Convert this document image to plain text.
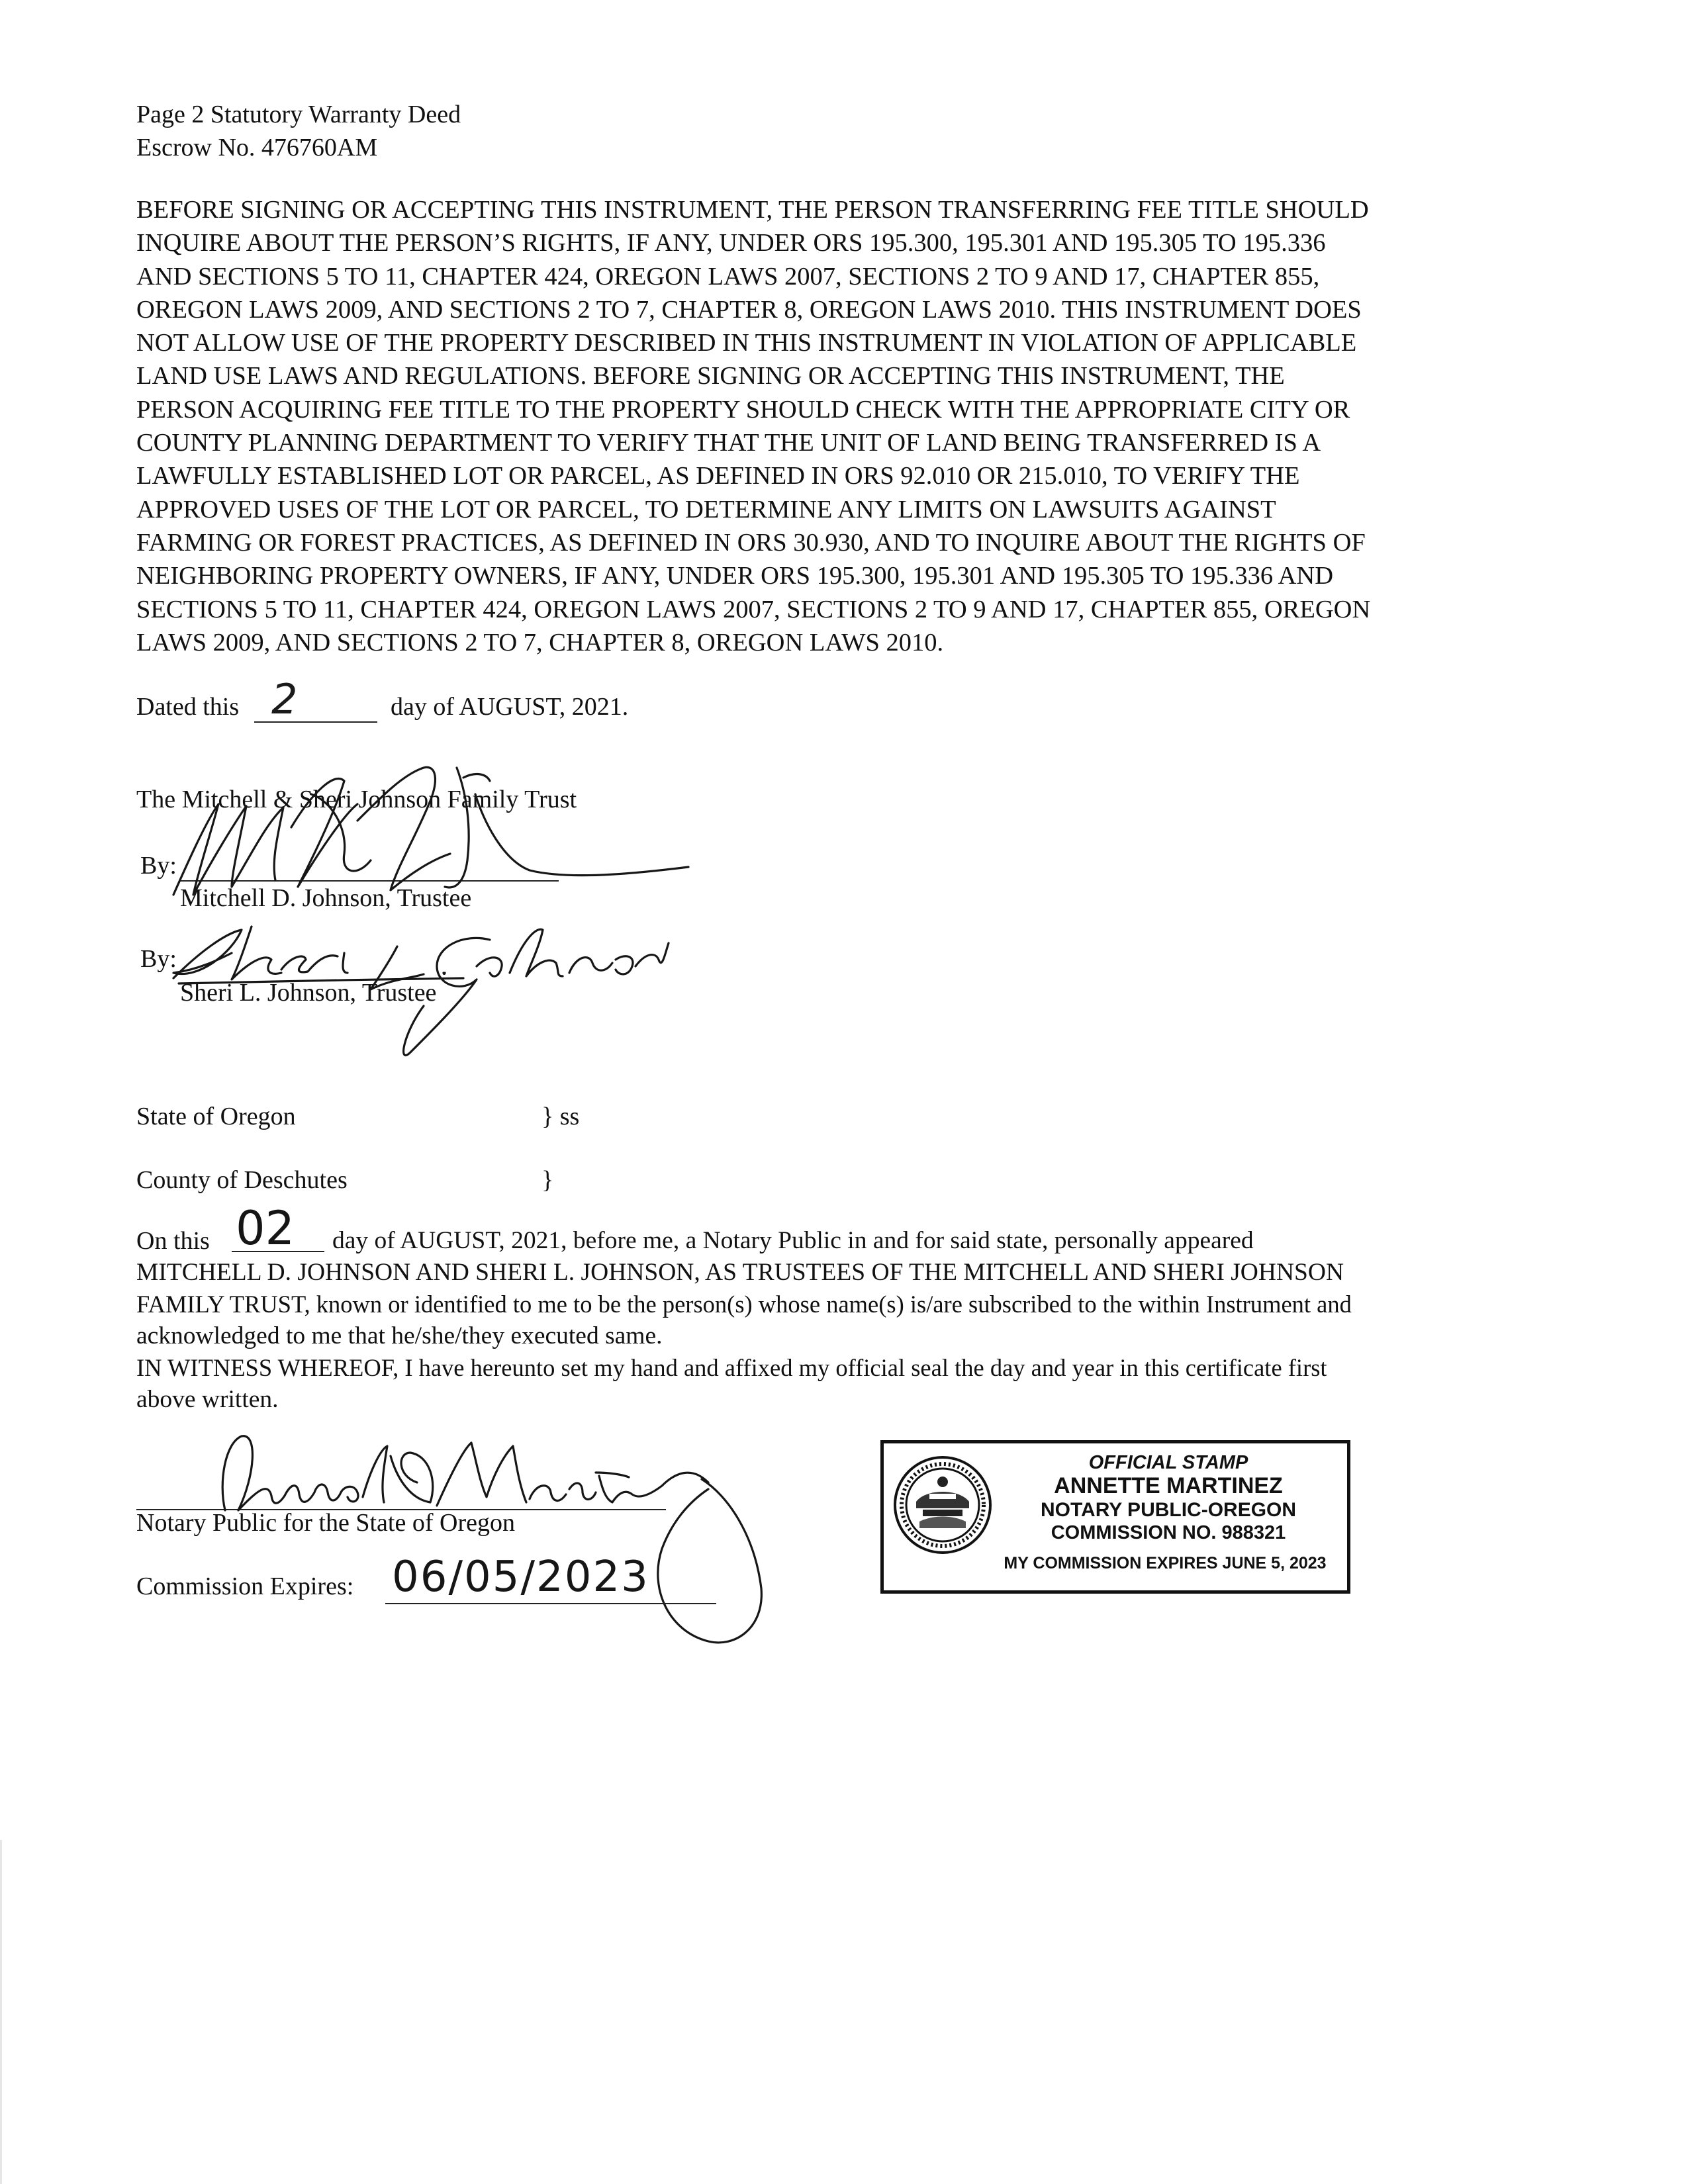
Page 2 Statutory Warranty Deed
Escrow No. 476760AM
BEFORE SIGNING OR ACCEPTING THIS INSTRUMENT, THE PERSON TRANSFERRING FEE TITLE SHOULD
INQUIRE ABOUT THE PERSON’S RIGHTS, IF ANY, UNDER ORS 195.300, 195.301 AND 195.305 TO 195.336
AND SECTIONS 5 TO 11, CHAPTER 424, OREGON LAWS 2007, SECTIONS 2 TO 9 AND 17, CHAPTER 855,
OREGON LAWS 2009, AND SECTIONS 2 TO 7, CHAPTER 8, OREGON LAWS 2010. THIS INSTRUMENT DOES
NOT ALLOW USE OF THE PROPERTY DESCRIBED IN THIS INSTRUMENT IN VIOLATION OF APPLICABLE
LAND USE LAWS AND REGULATIONS. BEFORE SIGNING OR ACCEPTING THIS INSTRUMENT, THE
PERSON ACQUIRING FEE TITLE TO THE PROPERTY SHOULD CHECK WITH THE APPROPRIATE CITY OR
COUNTY PLANNING DEPARTMENT TO VERIFY THAT THE UNIT OF LAND BEING TRANSFERRED IS A
LAWFULLY ESTABLISHED LOT OR PARCEL, AS DEFINED IN ORS 92.010 OR 215.010, TO VERIFY THE
APPROVED USES OF THE LOT OR PARCEL, TO DETERMINE ANY LIMITS ON LAWSUITS AGAINST
FARMING OR FOREST PRACTICES, AS DEFINED IN ORS 30.930, AND TO INQUIRE ABOUT THE RIGHTS OF
NEIGHBORING PROPERTY OWNERS, IF ANY, UNDER ORS 195.300, 195.301 AND 195.305 TO 195.336 AND
SECTIONS 5 TO 11, CHAPTER 424, OREGON LAWS 2007, SECTIONS 2 TO 9 AND 17, CHAPTER 855, OREGON
LAWS 2009, AND SECTIONS 2 TO 7, CHAPTER 8, OREGON LAWS 2010.
Dated this 2	day of AUGUST, 2021.
The Mitchell & Sheri Johnson Family Trust
By:
Mitchell D. Johnson, Trustee
By:
Sheri L. Johnson, Trustee
State of Oregon	} ss
County of Deschutes	}
On this 02 day of AUGUST, 2021, before me, a Notary Public in and for said state, personally appeared
MITCHELL D. JOHNSON AND SHERI L. JOHNSON, AS TRUSTEES OF THE MITCHELL AND SHERI JOHNSON
FAMILY TRUST, known or identified to me to be the person(s) whose name(s) is/are subscribed to the within Instrument and
acknowledged to me that he/she/they executed same.
IN WITNESS WHEREOF, I have hereunto set my hand and affixed my official seal the day and year in this certificate first
above written.
Notary Public for the State of Oregon
Commission Expires: 06/05/2023
OFFICIAL STAMP
ANNETTE MARTINEZ
NOTARY PUBLIC-OREGON
COMMISSION NO. 988321
MY COMMISSION EXPIRES JUNE 5, 2023
